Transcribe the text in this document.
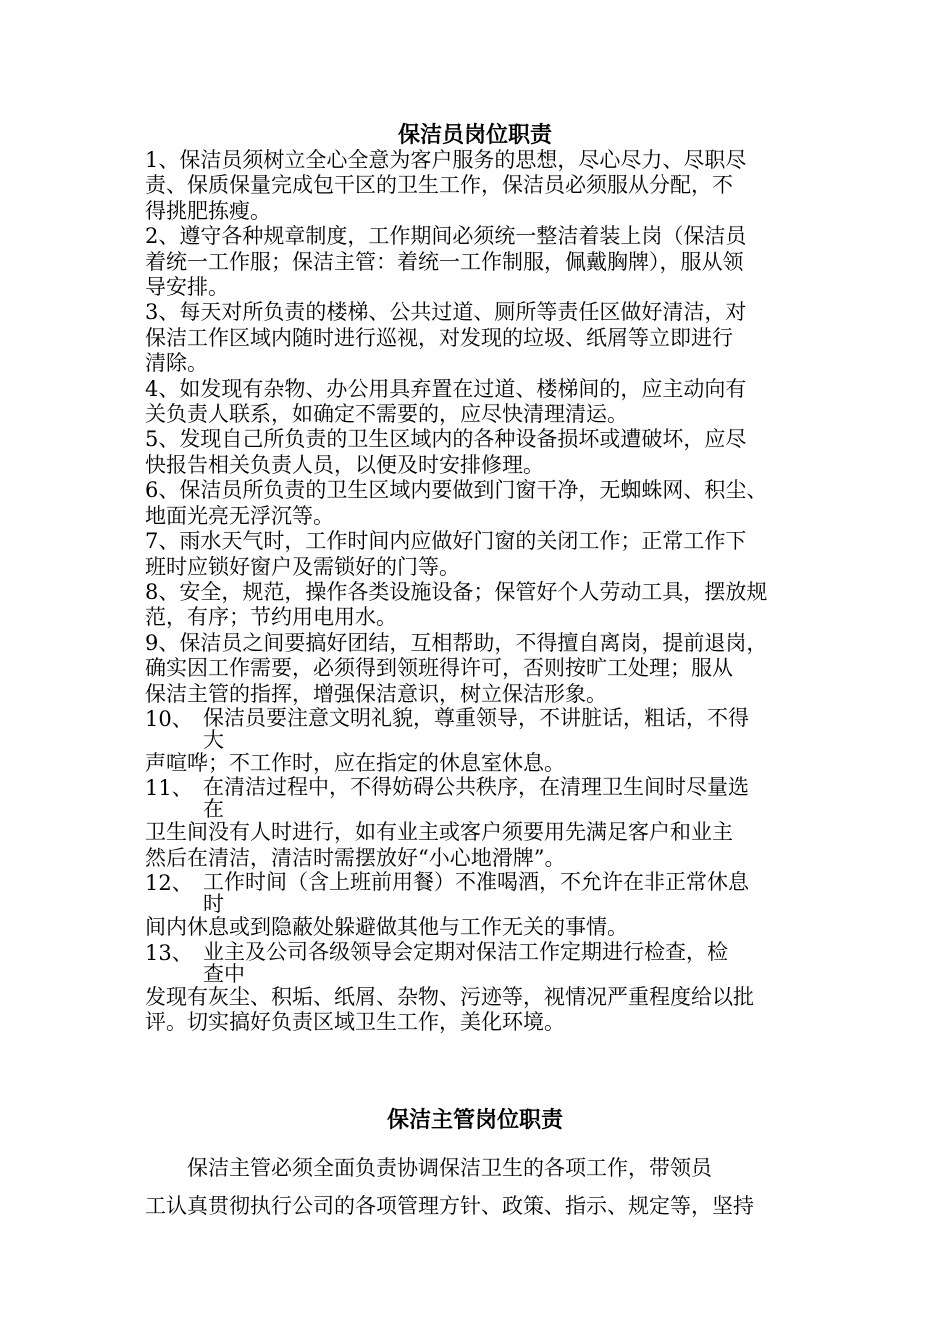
保洁员岗位职责

1、保洁员须树立全心全意为客户服务的思想，尽心尽力、尽职尽

责、保质保量完成包干区的卫生工作，保洁员必须服从分配，不

得挑肥拣瘦。

2、遵守各种规章制度，工作期间必须统一整洁着装上岗（保洁员

着统一工作服；保洁主管：着统一工作制服，佩戴胸牌），服从领

导安排。

3、每天对所负责的楼梯、公共过道、厕所等责任区做好清洁，对

保洁工作区域内随时进行巡视，对发现的垃圾、纸屑等立即进行

清除。

4、如发现有杂物、办公用具弃置在过道、楼梯间的，应主动向有

关负责人联系，如确定不需要的，应尽快清理清运。

5、发现自己所负责的卫生区域内的各种设备损坏或遭破坏，应尽

快报告相关负责人员，以便及时安排修理。

6、保洁员所负责的卫生区域内要做到门窗干净，无蜘蛛网、积尘、

地面光亮无浮沉等。

7、雨水天气时，工作时间内应做好门窗的关闭工作；正常工作下

班时应锁好窗户及需锁好的门等。

8、安全，规范，操作各类设施设备；保管好个人劳动工具，摆放规

范，有序；节约用电用水。

9、保洁员之间要搞好团结，互相帮助，不得擅自离岗，提前退岗，

确实因工作需要，必须得到领班得许可，否则按旷工处理；服从

保洁主管的指挥，增强保洁意识，树立保洁形象。

10、 保洁员要注意文明礼貌，尊重领导，不讲脏话，粗话，不得
大

声喧哗；不工作时，应在指定的休息室休息。

11、 在清洁过程中，不得妨碍公共秩序，在清理卫生间时尽量选
在

卫生间没有人时进行，如有业主或客户须要用先满足客户和业主

然后在清洁，清洁时需摆放好“小心地滑牌”。

12、 工作时间（含上班前用餐）不准喝酒，不允许在非正常休息
时

间内休息或到隐蔽处躲避做其他与工作无关的事情。

13、 业主及公司各级领导会定期对保洁工作定期进行检查，检
查中

发现有灰尘、积垢、纸屑、杂物、污迹等，视情况严重程度给以批

评。切实搞好负责区域卫生工作，美化环境。

保洁主管岗位职责

　　保洁主管必须全面负责协调保洁卫生的各项工作，带领员

工认真贯彻执行公司的各项管理方针、政策、指示、规定等，坚持
